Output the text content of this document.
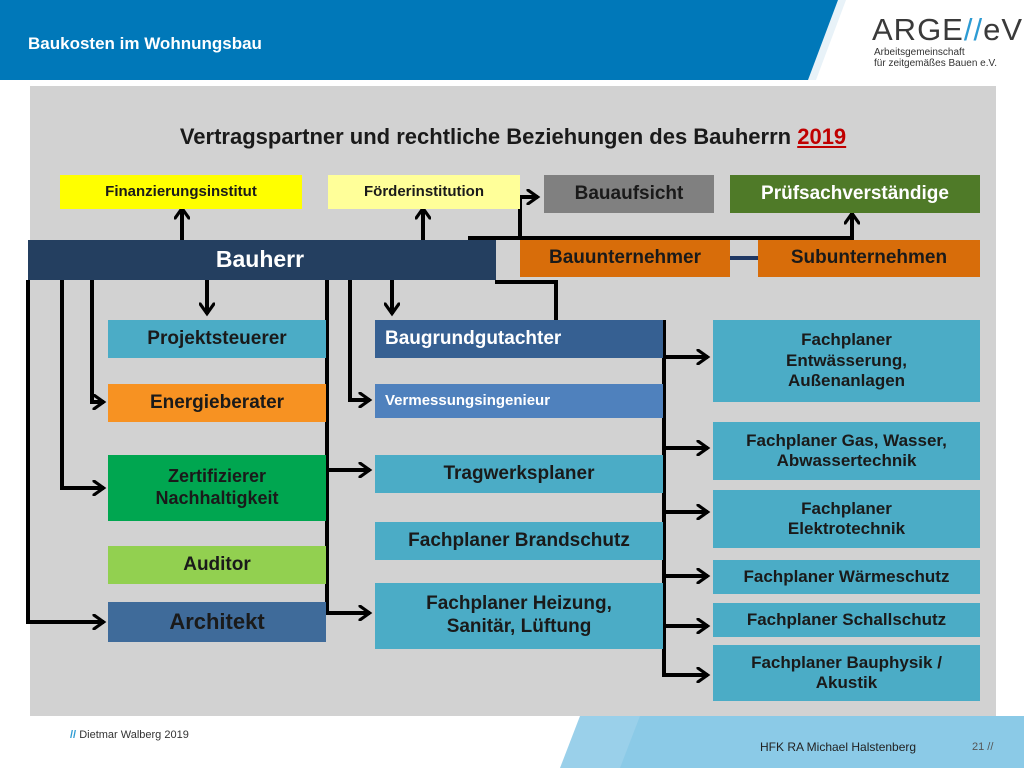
Baukosten im Wohnungsbau	ARGE//eV
Arbeitsgemeinschaft
für zeitgemäßes Bauen e.V.
Vertragspartner und rechtliche Beziehungen des Bauherrn 2019
Finanzierungsinstitut	Förderinstitution	Bauaufsicht	Prüfsachverständige
Bauherr	Bauunternehmer	Subunternehmen
Projektsteuerer
Energieberater
Zertifizierer
Nachhaltigkeit
Auditor
Architekt
Baugrundgutachter
Vermessungsingenieur
Tragwerksplaner
Fachplaner Brandschutz
Fachplaner Heizung,
Sanitär, Lüftung
Fachplaner
Entwässerung,
Außenanlagen
Fachplaner Gas, Wasser,
Abwassertechnik
Fachplaner
Elektrotechnik
Fachplaner Wärmeschutz
Fachplaner Schallschutz
Fachplaner Bauphysik /
Akustik
// Dietmar Walberg 2019
HFK RA Michael Halstenberg	21 //
